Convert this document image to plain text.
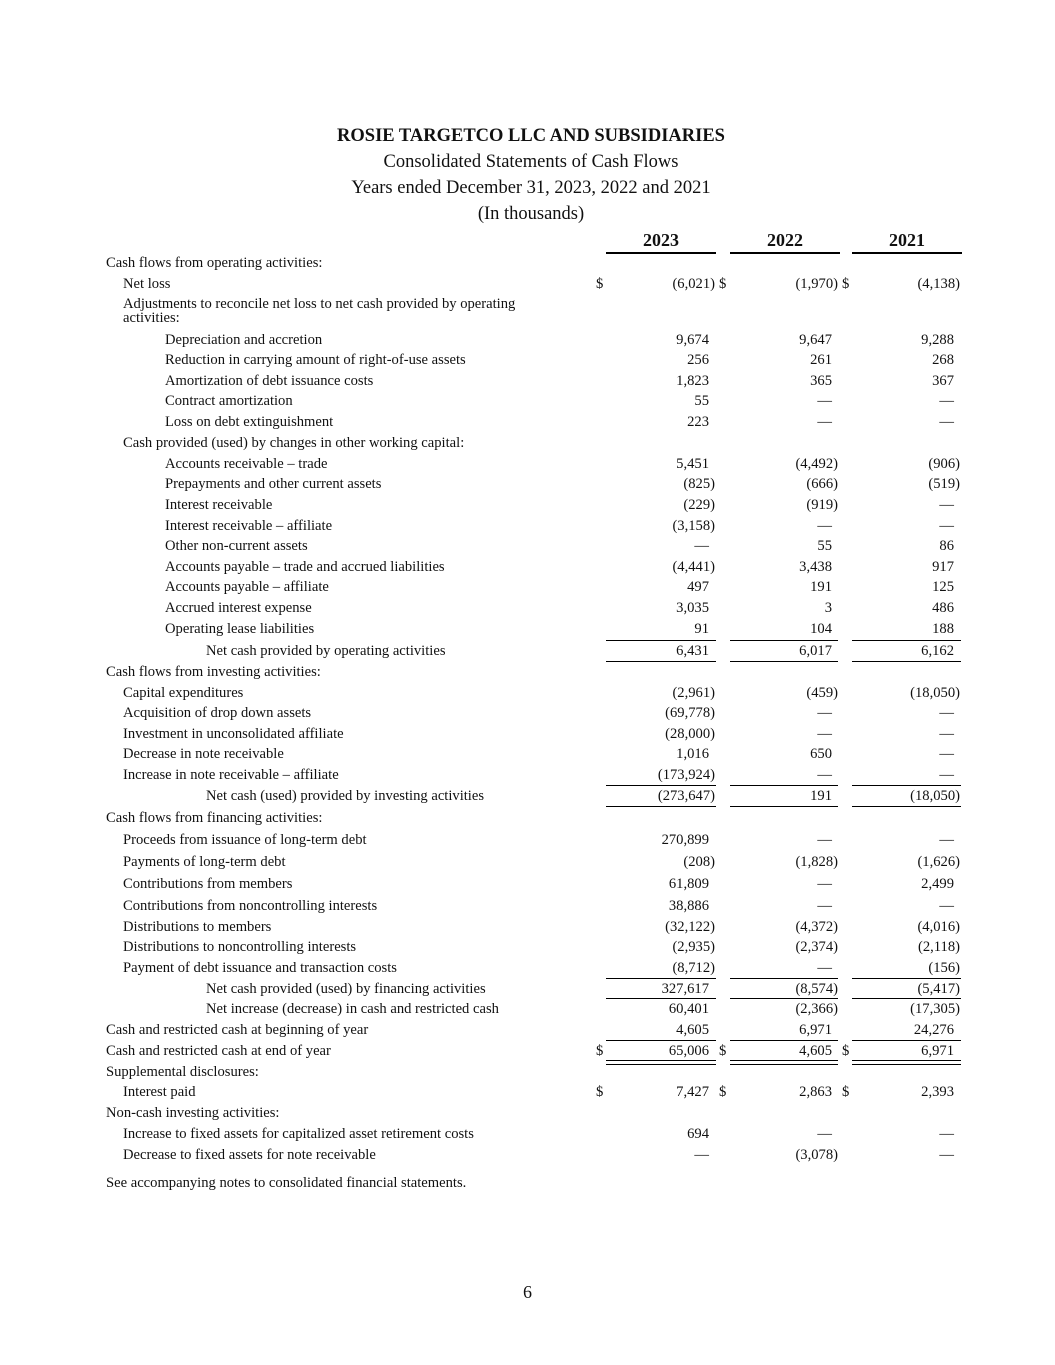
ROSIE TARGETCO LLC AND SUBSIDIARIES
Consolidated Statements of Cash Flows
Years ended December 31, 2023, 2022 and 2021
(In thousands)
2023	2022	2021
Cash flows from operating activities:
Net loss	$	(6,021) $	(1,970) $	(4,138)
Adjustments to reconcile net loss to net cash provided by operating
activities:
Depreciation and accretion	9,674	9,647	9,288
Reduction in carrying amount of right-of-use assets	256	261	268
Amortization of debt issuance costs	1,823	365	367
Contract amortization	55	—	—
Loss on debt extinguishment	223	—	—
Cash provided (used) by changes in other working capital:
Accounts receivable – trade	5,451	(4,492)	(906)
Prepayments and other current assets	(825)	(666)	(519)
Interest receivable	(229)	(919)	—
Interest receivable – affiliate	(3,158)	—	—
Other non-current assets	—	55	86
Accounts payable – trade and accrued liabilities	(4,441)	3,438	917
Accounts payable – affiliate	497	191	125
Accrued interest expense	3,035	3	486
Operating lease liabilities	91	104	188
Net cash provided by operating activities	6,431	6,017	6,162
Cash flows from investing activities:
Capital expenditures	(2,961)	(459)	(18,050)
Acquisition of drop down assets	(69,778)	—	—
Investment in unconsolidated affiliate	(28,000)	—	—
Decrease in note receivable	1,016	650	—
Increase in note receivable – affiliate	(173,924)	—	—
Net cash (used) provided by investing activities	(273,647)	191	(18,050)
Cash flows from financing activities:
Proceeds from issuance of long-term debt	270,899	—	—
Payments of long-term debt	(208)	(1,828)	(1,626)
Contributions from members	61,809	—	2,499
Contributions from noncontrolling interests	38,886	—	—
Distributions to members	(32,122)	(4,372)	(4,016)
Distributions to noncontrolling interests	(2,935)	(2,374)	(2,118)
Payment of debt issuance and transaction costs	(8,712)	—	(156)
Net cash provided (used) by financing activities	327,617	(8,574)	(5,417)
Net increase (decrease) in cash and restricted cash	60,401	(2,366)	(17,305)
Cash and restricted cash at beginning of year	4,605	6,971	24,276
Cash and restricted cash at end of year	$	65,006 $	4,605 $	6,971
Supplemental disclosures:
Interest paid	$	7,427 $	2,863 $	2,393
Non-cash investing activities:
Increase to fixed assets for capitalized asset retirement costs	694	—	—
Decrease to fixed assets for note receivable	—	(3,078)	—
See accompanying notes to consolidated financial statements.
6
